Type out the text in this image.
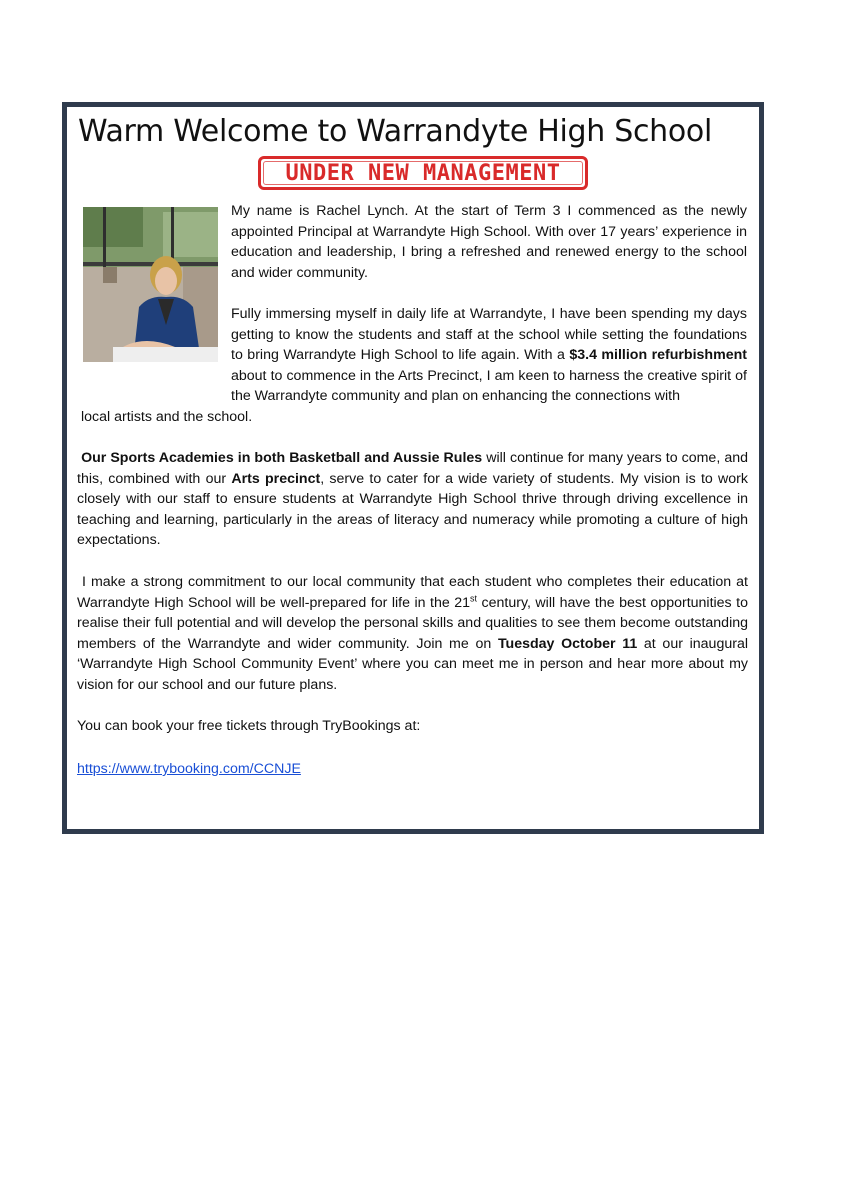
Warm Welcome to Warrandyte High School
UNDER NEW MANAGEMENT

My name is Rachel Lynch. At the start of Term 3 I commenced as the newly appointed Principal at Warrandyte High School. With over 17 years’ experience in education and leadership, I bring a refreshed and renewed energy to the school and wider community.

Fully immersing myself in daily life at Warrandyte, I have been spending my days getting to know the students and staff at the school while setting the foundations to bring Warrandyte High School to life again. With a $3.4 million refurbishment about to commence in the Arts Precinct, I am keen to harness the creative spirit of the Warrandyte community and plan on enhancing the connections with

local artists and the school.

Our Sports Academies in both Basketball and Aussie Rules will continue for many years to come, and this, combined with our Arts precinct, serve to cater for a wide variety of students. My vision is to work closely with our staff to ensure students at Warrandyte High School thrive through driving excellence in teaching and learning, particularly in the areas of literacy and numeracy while promoting a culture of high expectations.

I make a strong commitment to our local community that each student who completes their education at Warrandyte High School will be well-prepared for life in the 21st century, will have the best opportunities to realise their full potential and will develop the personal skills and qualities to see them become outstanding members of the Warrandyte and wider community. Join me on Tuesday October 11 at our inaugural ‘Warrandyte High School Community Event’ where you can meet me in person and hear more about my vision for our school and our future plans.

You can book your free tickets through TryBookings at:

https://www.trybooking.com/CCNJE
